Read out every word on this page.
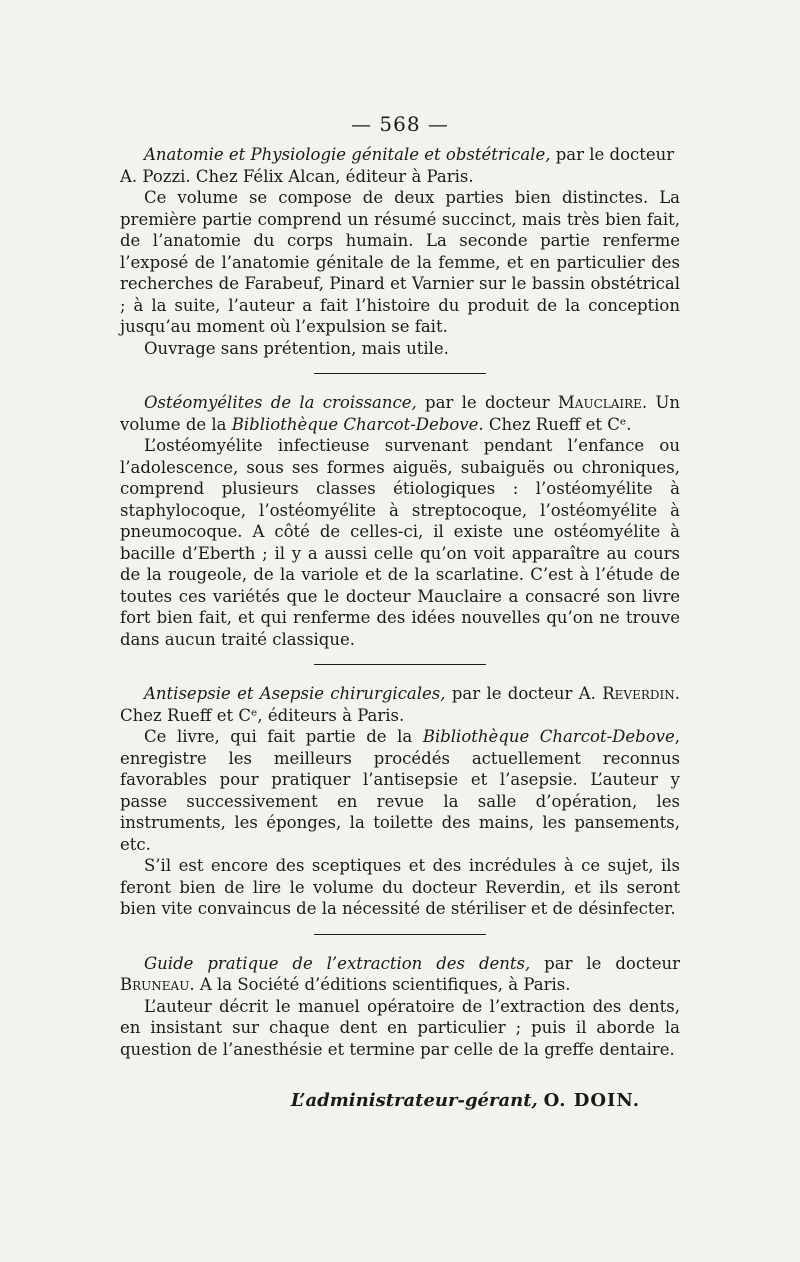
— 568 —

Anatomie et Physiologie génitale et obstétricale, par le docteur

A. Pozzi. Chez Félix Alcan, éditeur à Paris.

Ce volume se compose de deux parties bien distinctes. La première partie comprend un résumé succinct, mais très bien fait, de l’anatomie du corps humain. La seconde partie renferme l’exposé de l’anatomie génitale de la femme, et en particulier des recherches de Farabeuf, Pinard et Varnier sur le bassin obstétrical ; à la suite, l’auteur a fait l’histoire du produit de la conception jusqu’au moment où l’expulsion se fait.

Ouvrage sans prétention, mais utile.

Ostéomyélites de la croissance, par le docteur Mauclaire. Un volume de la Bibliothèque Charcot-Debove. Chez Rueff et Cᵉ.

L’ostéomyélite infectieuse survenant pendant l’enfance ou l’adolescence, sous ses formes aiguës, subaiguës ou chroniques, comprend plusieurs classes étiologiques : l’ostéomyélite à staphylocoque, l’ostéomyélite à streptocoque, l’ostéomyélite à pneumocoque. A côté de celles-ci, il existe une ostéomyélite à bacille d’Eberth ; il y a aussi celle qu’on voit apparaître au cours de la rougeole, de la variole et de la scarlatine. C’est à l’étude de toutes ces variétés que le docteur Mauclaire a consacré son livre fort bien fait, et qui renferme des idées nouvelles qu’on ne trouve dans aucun traité classique.

Antisepsie et Asepsie chirurgicales, par le docteur A. Reverdin. Chez Rueff et Cᵉ, éditeurs à Paris.

Ce livre, qui fait partie de la Bibliothèque Charcot-Debove, enregistre les meilleurs procédés actuellement reconnus favorables pour pratiquer l’antisepsie et l’asepsie. L’auteur y passe successivement en revue la salle d’opération, les instruments, les éponges, la toilette des mains, les pansements, etc.

S’il est encore des sceptiques et des incrédules à ce sujet, ils feront bien de lire le volume du docteur Reverdin, et ils seront bien vite convaincus de la nécessité de stériliser et de désinfecter.

Guide pratique de l’extraction des dents, par le docteur Bruneau. A la Société d’éditions scientifiques, à Paris.

L’auteur décrit le manuel opératoire de l’extraction des dents, en insistant sur chaque dent en particulier ; puis il aborde la question de l’anesthésie et termine par celle de la greffe dentaire.

L’administrateur-gérant, O. DOIN.
